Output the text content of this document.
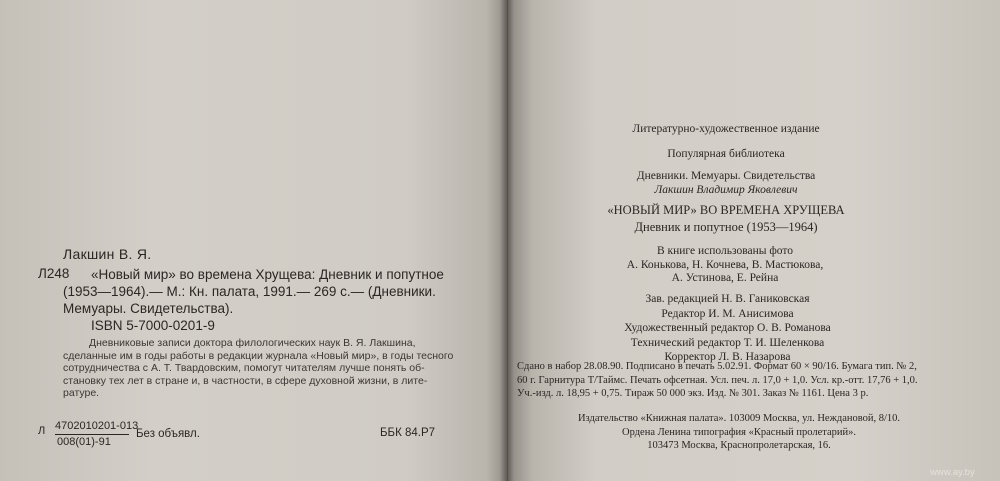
Лакшин В. Я.

Л248 «Новый мир» во времена Хрущева: Дневник и попутное
(1953—1964).— М.: Кн. палата, 1991.— 269 с.— (Дневники.
Мемуары. Свидетельства).
ISBN 5-7000-0201-9
Дневниковые записи доктора филологических наук В. Я. Лакшина,
сделанные им в годы работы в редакции журнала «Новый мир», в годы тесного
сотрудничества с А. Т. Твардовским, помогут читателям лучше понять об-
становку тех лет в стране и, в частности, в сфере духовной жизни, в лите-
ратуре.

Л 4702010201-013

008(01)-91

Без объявл.	ББК 84.Р7

Литературно-художественное издание

Популярная библиотека

Дневники. Мемуары. Свидетельства

Лакшин Владимир Яковлевич

«НОВЫЙ МИР» ВО ВРЕМЕНА ХРУЩЕВА

Дневник и попутное (1953—1964)

В книге использованы фото
А. Конькова, Н. Кочнева, В. Мастюкова,
А. Устинова, Е. Рейна
Зав. редакцией Н. В. Ганиковская
Редактор И. М. Анисимова
Художественный редактор О. В. Романова
Технический редактор Т. И. Шеленкова
Корректор Л. В. Назарова
Сдано в набор 28.08.90. Подписано в печать 5.02.91. Формат 60 × 90/16. Бумага тип. № 2,
60 г. Гарнитура Т/Таймс. Печать офсетная. Усл. печ. л. 17,0 + 1,0. Усл. кр.-отт. 17,76 + 1,0.
Уч.-изд. л. 18,95 + 0,75. Тираж 50 000 экз. Изд. № 301. Заказ № 1161. Цена 3 р.
Издательство «Книжная палата». 103009 Москва, ул. Неждановой, 8/10.
Ордена Ленина типография «Красный пролетарий».
103473 Москва, Краснопролетарская, 16.

www.ay.by
